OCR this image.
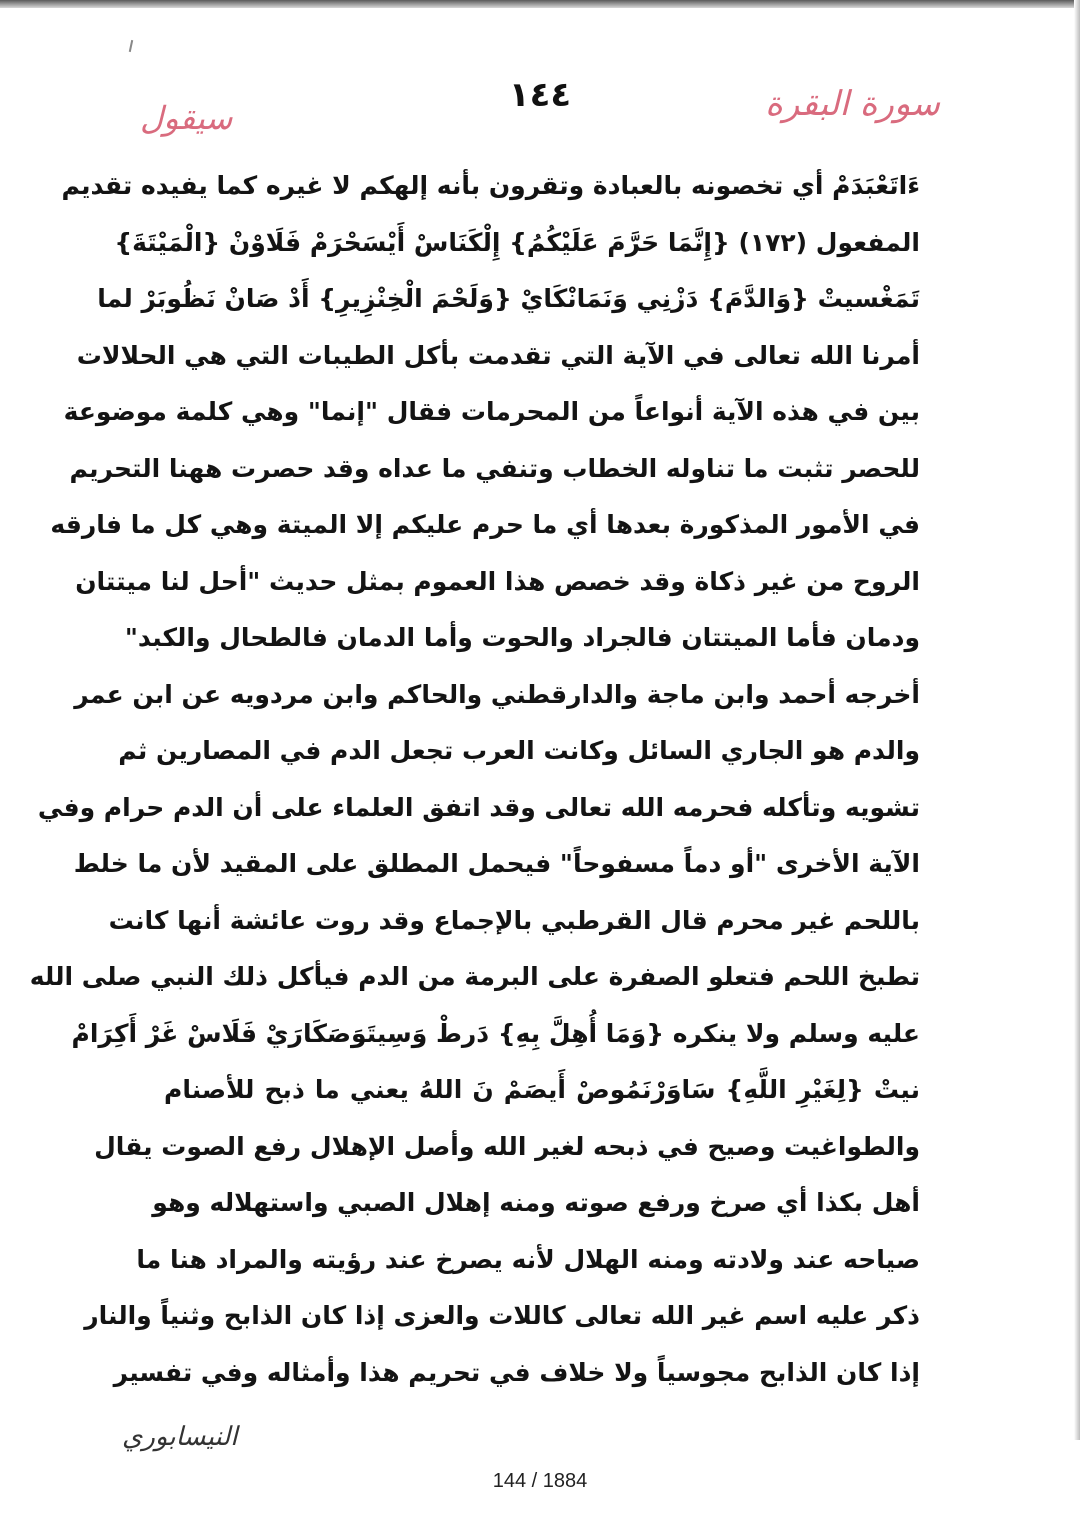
سورة البقرة
١٤٤
سيقول
ءَاتَعْبَدَمْ أي تخصونه بالعبادة وتقرون بأنه إلهكم لا غيره كما يفيده تقديم
المفعول (١٧٢) {إِنَّمَا حَرَّمَ عَلَيْكُمُ} إِلْكَنَاسْ أَيْسَحْرَمْ فَلَاوْنْ {الْمَيْتَةَ}
تَمَغْسيتْ {وَالدَّمَ} دَزْنِي وَنَمَانْكَايْ {وَلَحْمَ الْخِنْزِيرِ} أَدْ صَانْ نَظُوبَرْ لما
أمرنا الله تعالى في الآية التي تقدمت بأكل الطيبات التي هي الحلالات
بين في هذه الآية أنواعاً من المحرمات فقال "إنما" وهي كلمة موضوعة
للحصر تثبت ما تناوله الخطاب وتنفي ما عداه وقد حصرت ههنا التحريم
في الأمور المذكورة بعدها أي ما حرم عليكم إلا الميتة وهي كل ما فارقه
الروح من غير ذكاة وقد خصص هذا العموم بمثل حديث "أحل لنا ميتتان
ودمان فأما الميتتان فالجراد والحوت وأما الدمان فالطحال والكبد"
أخرجه أحمد وابن ماجة والدارقطني والحاكم وابن مردويه عن ابن عمر
والدم هو الجاري السائل وكانت العرب تجعل الدم في المصارين ثم
تشويه وتأكله فحرمه الله تعالى وقد اتفق العلماء على أن الدم حرام وفي
الآية الأخرى "أو دماً مسفوحاً" فيحمل المطلق على المقيد لأن ما خلط
باللحم غير محرم قال القرطبي بالإجماع وقد روت عائشة أنها كانت
تطبخ اللحم فتعلو الصفرة على البرمة من الدم فيأكل ذلك النبي صلى الله
عليه وسلم ولا ينكره {وَمَا أُهِلَّ بِهِ} دَرطْ وَسِيتَوَصَكَارَيْ فَلَاسْ غَرْ أَكِرَامْ
نيتْ {لِغَيْرِ اللَّهِ} سَاوَرْنَمُوصْ أَيصَمْ نَ اللهُ يعني ما ذبح للأصنام
والطواغيت وصيح في ذبحه لغير الله وأصل الإهلال رفع الصوت يقال
أهل بكذا أي صرخ ورفع صوته ومنه إهلال الصبي واستهلاله وهو
صياحه عند ولادته ومنه الهلال لأنه يصرخ عند رؤيته والمراد هنا ما
ذكر عليه اسم غير الله تعالى كاللات والعزى إذا كان الذابح وثنياً والنار
إذا كان الذابح مجوسياً ولا خلاف في تحريم هذا وأمثاله وفي تفسير
النيسابوري
144 / 1884
